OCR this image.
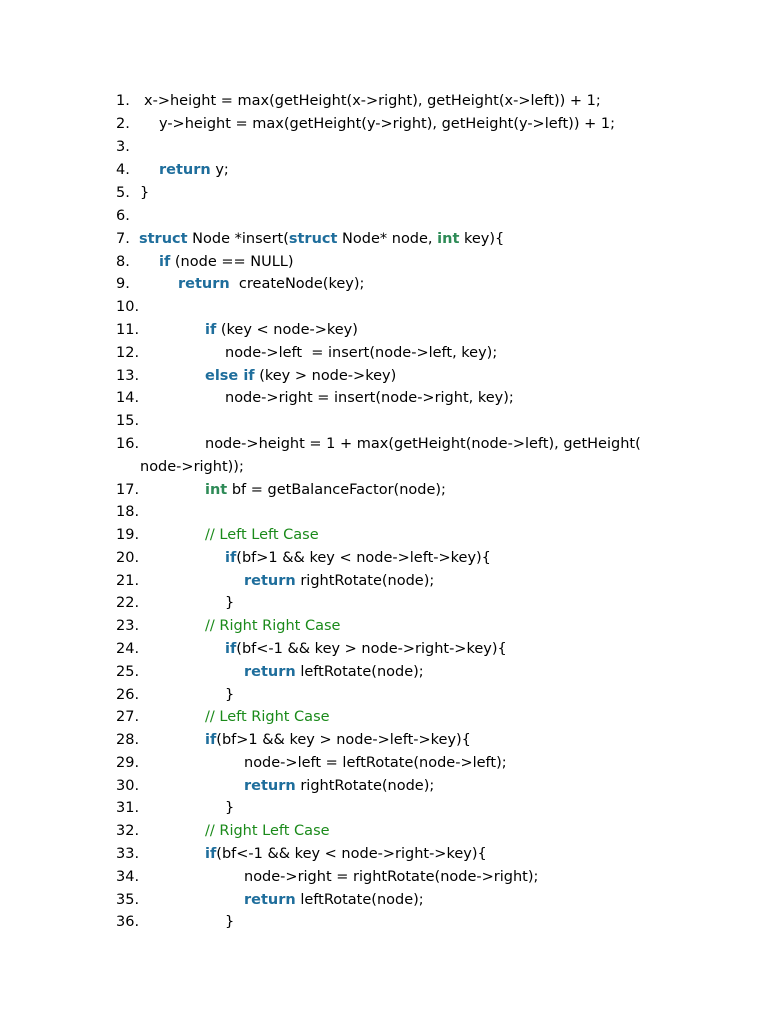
1. x->height = max(getHeight(x->right), getHeight(x->left)) + 1;
2. y->height = max(getHeight(y->right), getHeight(y->left)) + 1;
3.
4. return y;
5. }
6.
7. struct Node *insert(struct Node* node, int key){
8. if (node == NULL)
9.	return  createNode(key);
10.
11.	if (key < node->key)
12.	node->left  = insert(node->left, key);
13.	else if (key > node->key)
14.	node->right = insert(node->right, key);
15.
16.	node->height = 1 + max(getHeight(node->left), getHeight(
node->right));
17.	int bf = getBalanceFactor(node);
18.
19.	// Left Left Case
20.	if(bf>1 && key < node->left->key){
21.	return rightRotate(node);
22.	}
23.	// Right Right Case
24.	if(bf<-1 && key > node->right->key){
25.	return leftRotate(node);
26.	}
27.	// Left Right Case
28.	if(bf>1 && key > node->left->key){
29.	node->left = leftRotate(node->left);
30.	return rightRotate(node);
31.	}
32.	// Right Left Case
33.	if(bf<-1 && key < node->right->key){
34.	node->right = rightRotate(node->right);
35.	return leftRotate(node);
36.	}
